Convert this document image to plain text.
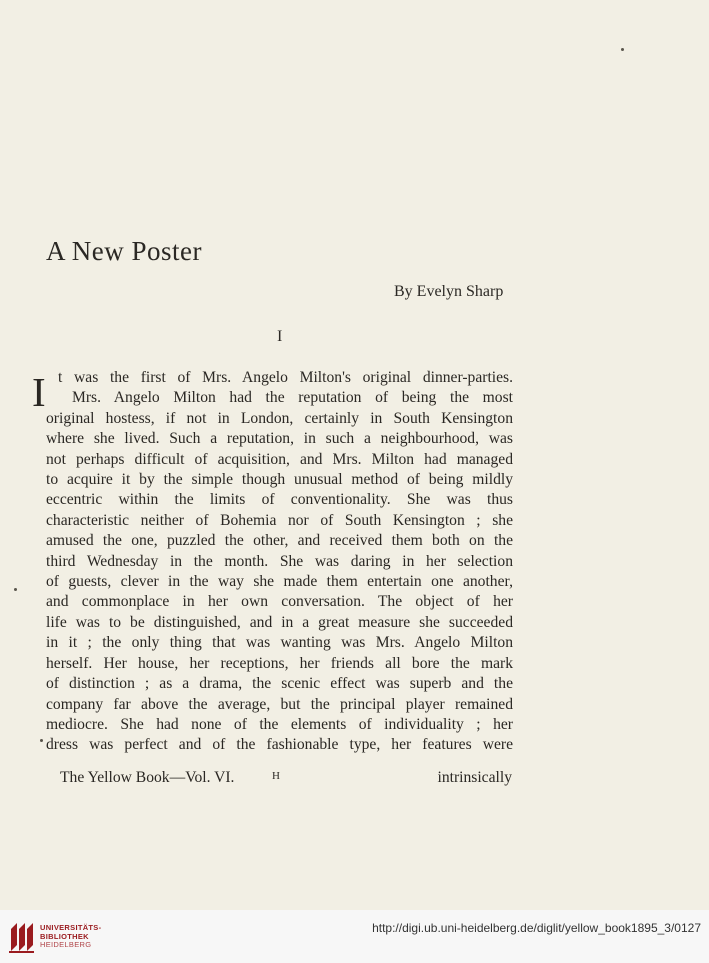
A New Poster
By Evelyn Sharp
I
I t was the first of Mrs. Angelo Milton's original dinner-parties.
Mrs. Angelo Milton had the reputation of being the most
original hostess, if not in London, certainly in South Kensington
where she lived. Such a reputation, in such a neighbourhood, was
not perhaps difficult of acquisition, and Mrs. Milton had managed
to acquire it by the simple though unusual method of being mildly
eccentric within the limits of conventionality. She was thus
characteristic neither of Bohemia nor of South Kensington ; she
amused the one, puzzled the other, and received them both on the
third Wednesday in the month. She was daring in her selection
of guests, clever in the way she made them entertain one another,
and commonplace in her own conversation. The object of her
life was to be distinguished, and in a great measure she succeeded
in it ; the only thing that was wanting was Mrs. Angelo Milton
herself. Her house, her receptions, her friends all bore the mark
of distinction ; as a drama, the scenic effect was superb and the
company far above the average, but the principal player remained
mediocre. She had none of the elements of individuality ; her
dress was perfect and of the fashionable type, her features were
The Yellow Book—Vol. VI.	H	intrinsically
UNIVERSITÄTS-
BIBLIOTHEK
HEIDELBERG
http://digi.ub.uni-heidelberg.de/diglit/yellow_book1895_3/0127
